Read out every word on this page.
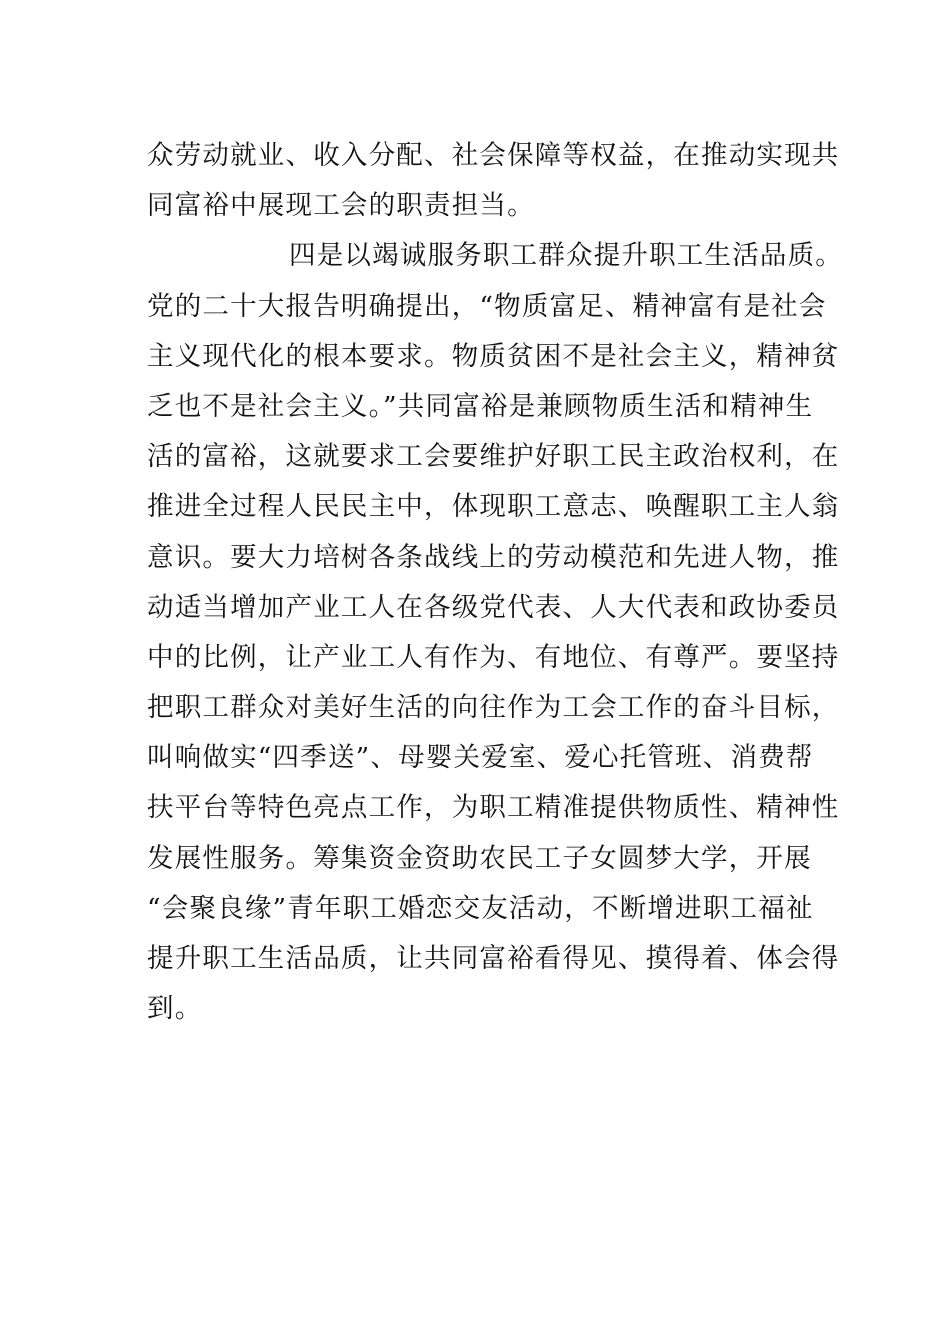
众劳动就业、收入分配、社会保障等权益，在推动实现共
同富裕中展现工会的职责担当。
四是以竭诚服务职工群众提升职工生活品质。
党的二十大报告明确提出，“物质富足、精神富有是社会
主义现代化的根本要求。物质贫困不是社会主义，精神贫
乏也不是社会主义。”共同富裕是兼顾物质生活和精神生
活的富裕，这就要求工会要维护好职工民主政治权利，在
推进全过程人民民主中，体现职工意志、唤醒职工主人翁
意识。要大力培树各条战线上的劳动模范和先进人物，推
动适当增加产业工人在各级党代表、人大代表和政协委员
中的比例，让产业工人有作为、有地位、有尊严。要坚持
把职工群众对美好生活的向往作为工会工作的奋斗目标，
叫响做实“四季送”、母婴关爱室、爱心托管班、消费帮
扶平台等特色亮点工作，为职工精准提供物质性、精神性
发展性服务。筹集资金资助农民工子女圆梦大学，开展
“会聚良缘”青年职工婚恋交友活动，不断增进职工福祉
提升职工生活品质，让共同富裕看得见、摸得着、体会得
到。
